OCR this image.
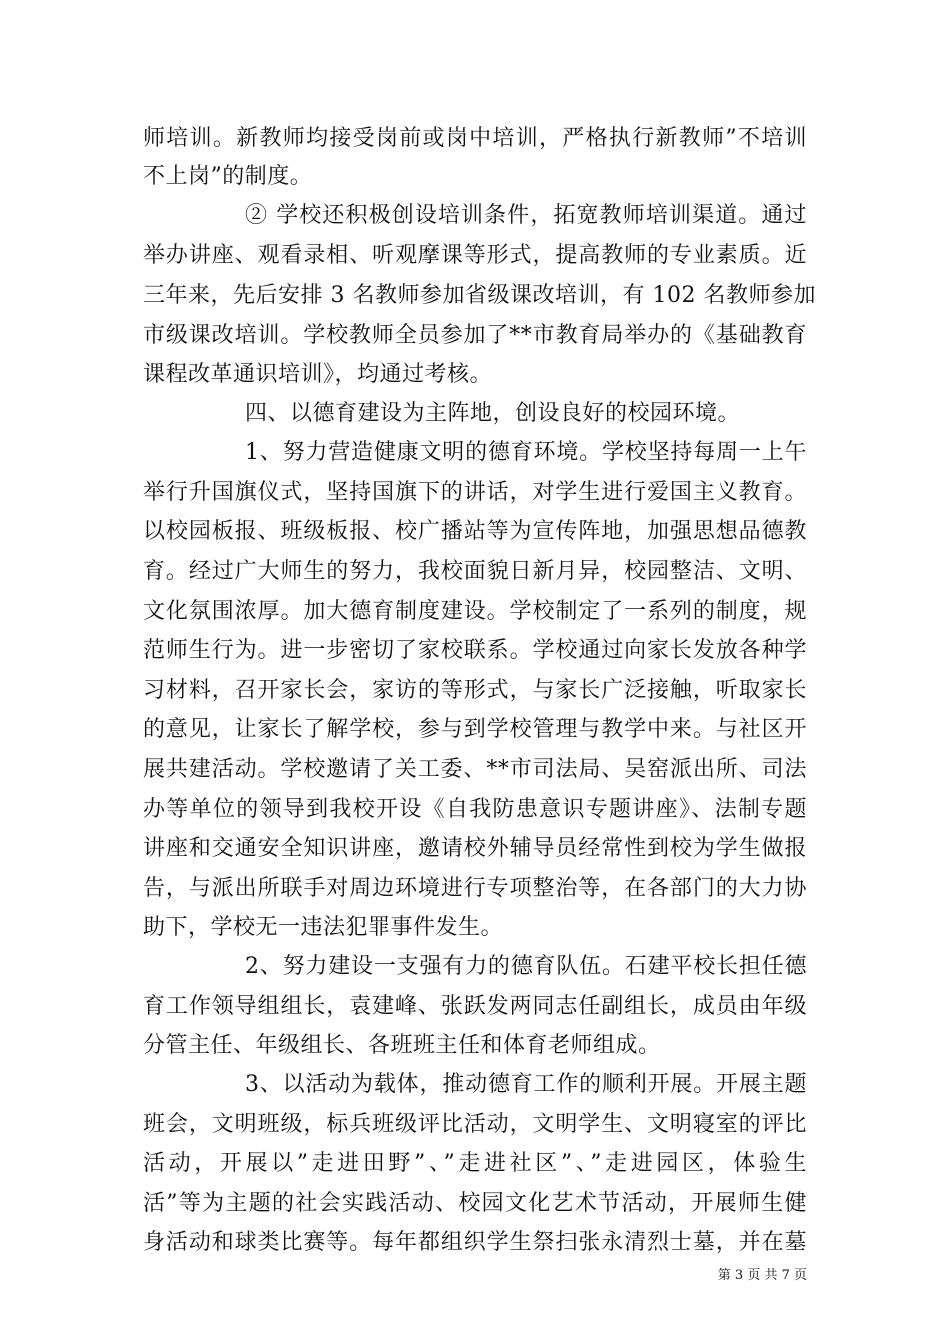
师培训。新教师均接受岗前或岗中培训，严格执行新教师”不培训
不上岗”的制度。
② 学校还积极创设培训条件，拓宽教师培训渠道。通过
举办讲座、观看录相、听观摩课等形式，提高教师的专业素质。近
三年来，先后安排 3 名教师参加省级课改培训，有 102 名教师参加
市级课改培训。学校教师全员参加了**市教育局举办的《基础教育
课程改革通识培训》，均通过考核。
四、以德育建设为主阵地，创设良好的校园环境。
1、努力营造健康文明的德育环境。学校坚持每周一上午
举行升国旗仪式，坚持国旗下的讲话，对学生进行爱国主义教育。
以校园板报、班级板报、校广播站等为宣传阵地，加强思想品德教
育。经过广大师生的努力，我校面貌日新月异，校园整洁、文明、
文化氛围浓厚。加大德育制度建设。学校制定了一系列的制度，规
范师生行为。进一步密切了家校联系。学校通过向家长发放各种学
习材料，召开家长会，家访的等形式，与家长广泛接触，听取家长
的意见，让家长了解学校，参与到学校管理与教学中来。与社区开
展共建活动。学校邀请了关工委、**市司法局、吴窑派出所、司法
办等单位的领导到我校开设《自我防患意识专题讲座》、法制专题
讲座和交通安全知识讲座，邀请校外辅导员经常性到校为学生做报
告，与派出所联手对周边环境进行专项整治等，在各部门的大力协
助下，学校无一违法犯罪事件发生。
2、努力建设一支强有力的德育队伍。石建平校长担任德
育工作领导组组长，袁建峰、张跃发两同志任副组长，成员由年级
分管主任、年级组长、各班班主任和体育老师组成。
3、以活动为载体，推动德育工作的顺利开展。开展主题
班会，文明班级，标兵班级评比活动，文明学生、文明寝室的评比
活动，开展以”走进田野”、”走进社区”、”走进园区，体验生
活”等为主题的社会实践活动、校园文化艺术节活动，开展师生健
身活动和球类比赛等。每年都组织学生祭扫张永清烈士墓，并在墓
第 3 页 共 7 页
